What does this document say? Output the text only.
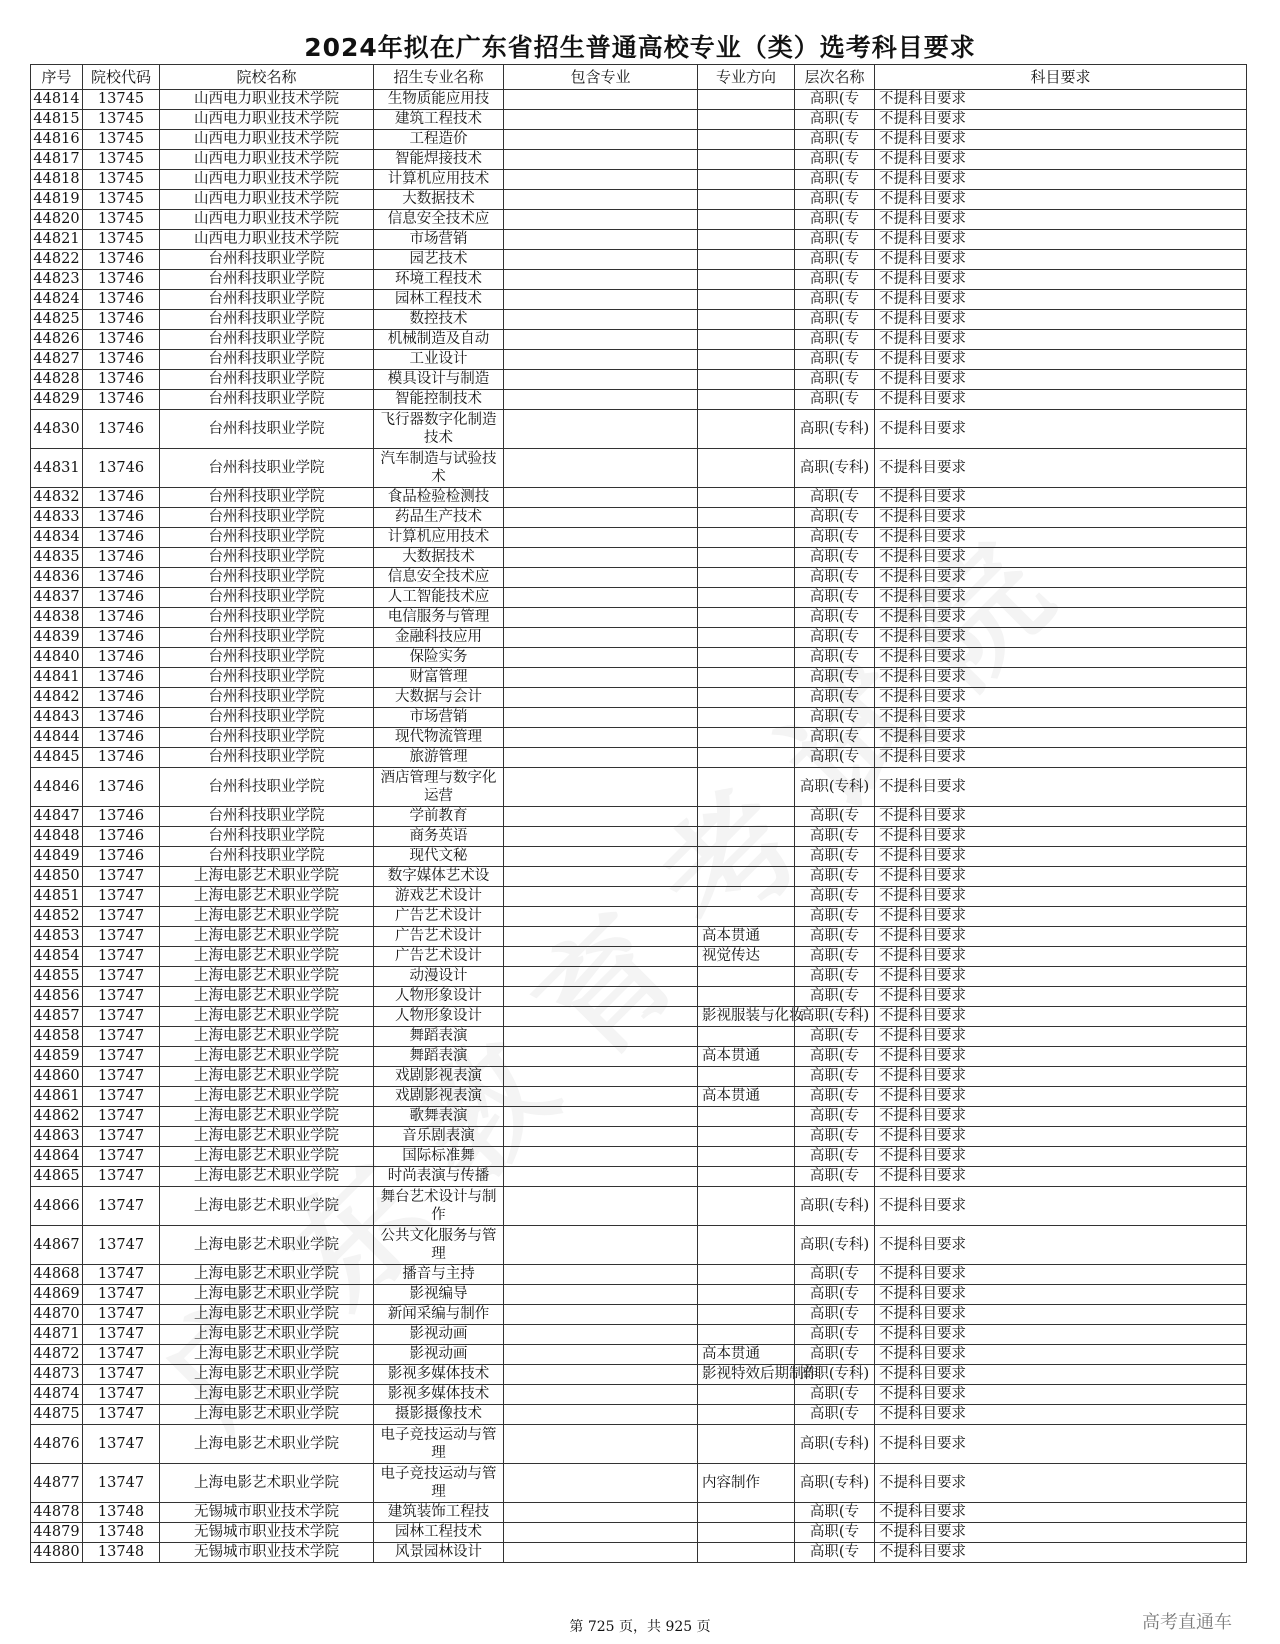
2024年拟在广东省招生普通高校专业（类）选考科目要求
序号	院校代码	院校名称	招生专业名称	包含专业	专业方向	层次名称	科目要求
44814	13745	山西电力职业技术学院	生物质能应用技			高职(专	不提科目要求
44815	13745	山西电力职业技术学院	建筑工程技术			高职(专	不提科目要求
44816	13745	山西电力职业技术学院	工程造价			高职(专	不提科目要求
44817	13745	山西电力职业技术学院	智能焊接技术			高职(专	不提科目要求
44818	13745	山西电力职业技术学院	计算机应用技术			高职(专	不提科目要求
44819	13745	山西电力职业技术学院	大数据技术			高职(专	不提科目要求
44820	13745	山西电力职业技术学院	信息安全技术应			高职(专	不提科目要求
44821	13745	山西电力职业技术学院	市场营销			高职(专	不提科目要求
44822	13746	台州科技职业学院	园艺技术			高职(专	不提科目要求
44823	13746	台州科技职业学院	环境工程技术			高职(专	不提科目要求
44824	13746	台州科技职业学院	园林工程技术			高职(专	不提科目要求
44825	13746	台州科技职业学院	数控技术			高职(专	不提科目要求
44826	13746	台州科技职业学院	机械制造及自动			高职(专	不提科目要求
44827	13746	台州科技职业学院	工业设计			高职(专	不提科目要求
44828	13746	台州科技职业学院	模具设计与制造			高职(专	不提科目要求
44829	13746	台州科技职业学院	智能控制技术			高职(专	不提科目要求
44830	13746	台州科技职业学院	飞行器数字化制造技术			高职(专科)	不提科目要求
44831	13746	台州科技职业学院	汽车制造与试验技术			高职(专科)	不提科目要求
44832	13746	台州科技职业学院	食品检验检测技			高职(专	不提科目要求
44833	13746	台州科技职业学院	药品生产技术			高职(专	不提科目要求
44834	13746	台州科技职业学院	计算机应用技术			高职(专	不提科目要求
44835	13746	台州科技职业学院	大数据技术			高职(专	不提科目要求
44836	13746	台州科技职业学院	信息安全技术应			高职(专	不提科目要求
44837	13746	台州科技职业学院	人工智能技术应			高职(专	不提科目要求
44838	13746	台州科技职业学院	电信服务与管理			高职(专	不提科目要求
44839	13746	台州科技职业学院	金融科技应用			高职(专	不提科目要求
44840	13746	台州科技职业学院	保险实务			高职(专	不提科目要求
44841	13746	台州科技职业学院	财富管理			高职(专	不提科目要求
44842	13746	台州科技职业学院	大数据与会计			高职(专	不提科目要求
44843	13746	台州科技职业学院	市场营销			高职(专	不提科目要求
44844	13746	台州科技职业学院	现代物流管理			高职(专	不提科目要求
44845	13746	台州科技职业学院	旅游管理			高职(专	不提科目要求
44846	13746	台州科技职业学院	酒店管理与数字化运营			高职(专科)	不提科目要求
44847	13746	台州科技职业学院	学前教育			高职(专	不提科目要求
44848	13746	台州科技职业学院	商务英语			高职(专	不提科目要求
44849	13746	台州科技职业学院	现代文秘			高职(专	不提科目要求
44850	13747	上海电影艺术职业学院	数字媒体艺术设			高职(专	不提科目要求
44851	13747	上海电影艺术职业学院	游戏艺术设计			高职(专	不提科目要求
44852	13747	上海电影艺术职业学院	广告艺术设计			高职(专	不提科目要求
44853	13747	上海电影艺术职业学院	广告艺术设计		高本贯通	高职(专	不提科目要求
44854	13747	上海电影艺术职业学院	广告艺术设计		视觉传达	高职(专	不提科目要求
44855	13747	上海电影艺术职业学院	动漫设计			高职(专	不提科目要求
44856	13747	上海电影艺术职业学院	人物形象设计			高职(专	不提科目要求
44857	13747	上海电影艺术职业学院	人物形象设计		影视服装与化妆	高职(专科)	不提科目要求
44858	13747	上海电影艺术职业学院	舞蹈表演			高职(专	不提科目要求
44859	13747	上海电影艺术职业学院	舞蹈表演		高本贯通	高职(专	不提科目要求
44860	13747	上海电影艺术职业学院	戏剧影视表演			高职(专	不提科目要求
44861	13747	上海电影艺术职业学院	戏剧影视表演		高本贯通	高职(专	不提科目要求
44862	13747	上海电影艺术职业学院	歌舞表演			高职(专	不提科目要求
44863	13747	上海电影艺术职业学院	音乐剧表演			高职(专	不提科目要求
44864	13747	上海电影艺术职业学院	国际标准舞			高职(专	不提科目要求
44865	13747	上海电影艺术职业学院	时尚表演与传播			高职(专	不提科目要求
44866	13747	上海电影艺术职业学院	舞台艺术设计与制作			高职(专科)	不提科目要求
44867	13747	上海电影艺术职业学院	公共文化服务与管理			高职(专科)	不提科目要求
44868	13747	上海电影艺术职业学院	播音与主持			高职(专	不提科目要求
44869	13747	上海电影艺术职业学院	影视编导			高职(专	不提科目要求
44870	13747	上海电影艺术职业学院	新闻采编与制作			高职(专	不提科目要求
44871	13747	上海电影艺术职业学院	影视动画			高职(专	不提科目要求
44872	13747	上海电影艺术职业学院	影视动画		高本贯通	高职(专	不提科目要求
44873	13747	上海电影艺术职业学院	影视多媒体技术		影视特效后期制作	高职(专科)	不提科目要求
44874	13747	上海电影艺术职业学院	影视多媒体技术			高职(专	不提科目要求
44875	13747	上海电影艺术职业学院	摄影摄像技术			高职(专	不提科目要求
44876	13747	上海电影艺术职业学院	电子竞技运动与管理			高职(专科)	不提科目要求
44877	13747	上海电影艺术职业学院	电子竞技运动与管理		内容制作	高职(专科)	不提科目要求
44878	13748	无锡城市职业技术学院	建筑装饰工程技			高职(专	不提科目要求
44879	13748	无锡城市职业技术学院	园林工程技术			高职(专	不提科目要求
44880	13748	无锡城市职业技术学院	风景园林设计			高职(专	不提科目要求
第 725 页，共 925 页	高考直通车
